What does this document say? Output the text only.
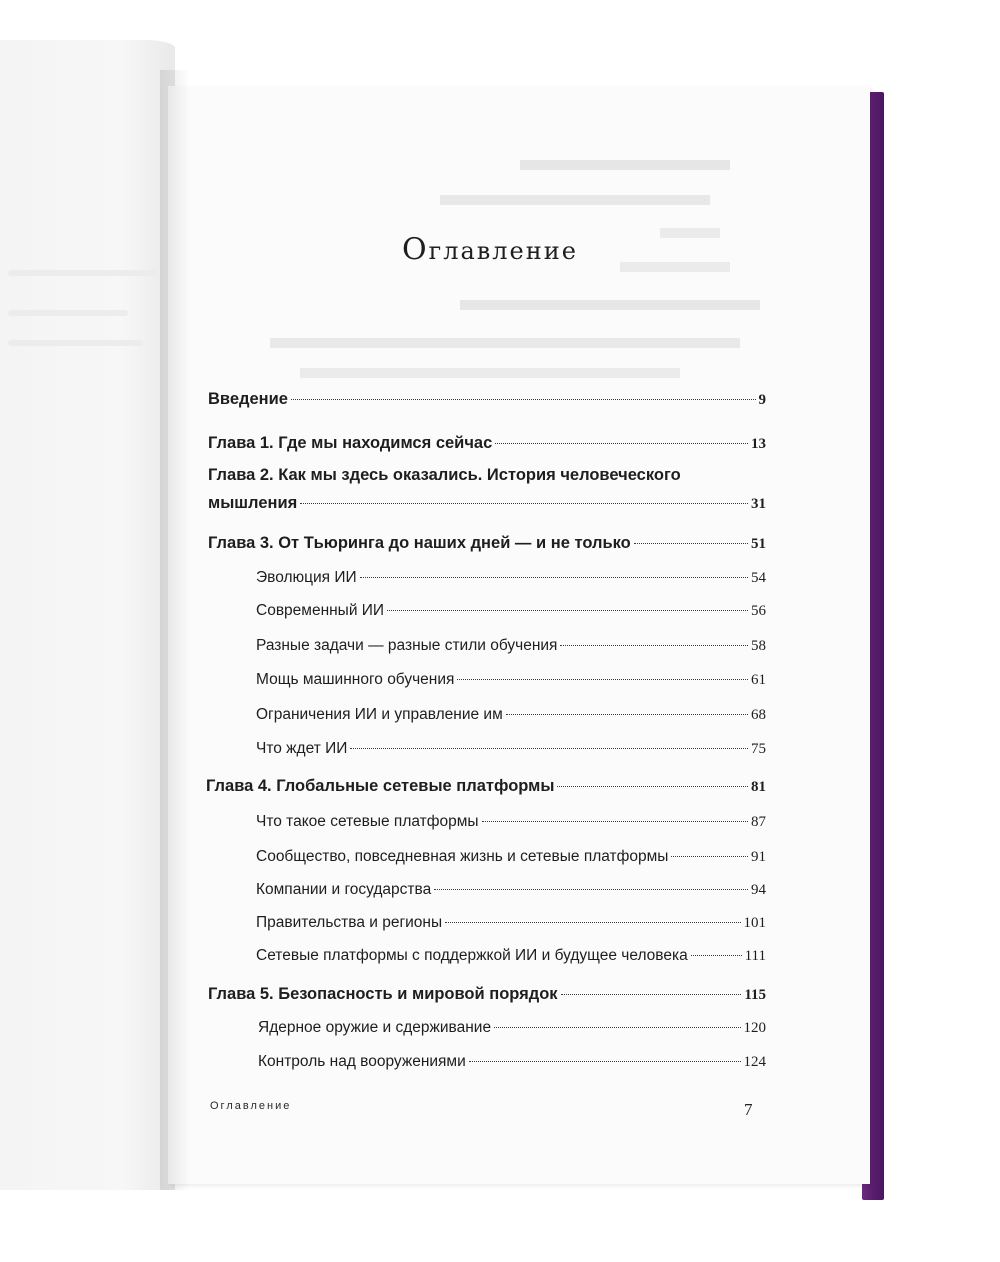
Оглавление
Введение	9
Глава 1. Где мы находимся сейчас	13
Глава 2. Как мы здесь оказались. История человеческого
мышления	31
Глава 3. От Тьюринга до наших дней — и не только	51
Эволюция ИИ	54
Современный ИИ	56
Разные задачи — разные стили обучения	58
Мощь машинного обучения	61
Ограничения ИИ и управление им	68
Что ждет ИИ	75
Глава 4. Глобальные сетевые платформы	81
Что такое сетевые платформы	87
Сообщество, повседневная жизнь и сетевые платформы	91
Компании и государства	94
Правительства и регионы	101
Сетевые платформы с поддержкой ИИ и будущее человека	111
Глава 5. Безопасность и мировой порядок	115
Ядерное оружие и сдерживание	120
Контроль над вооружениями	124
Оглавление	7
